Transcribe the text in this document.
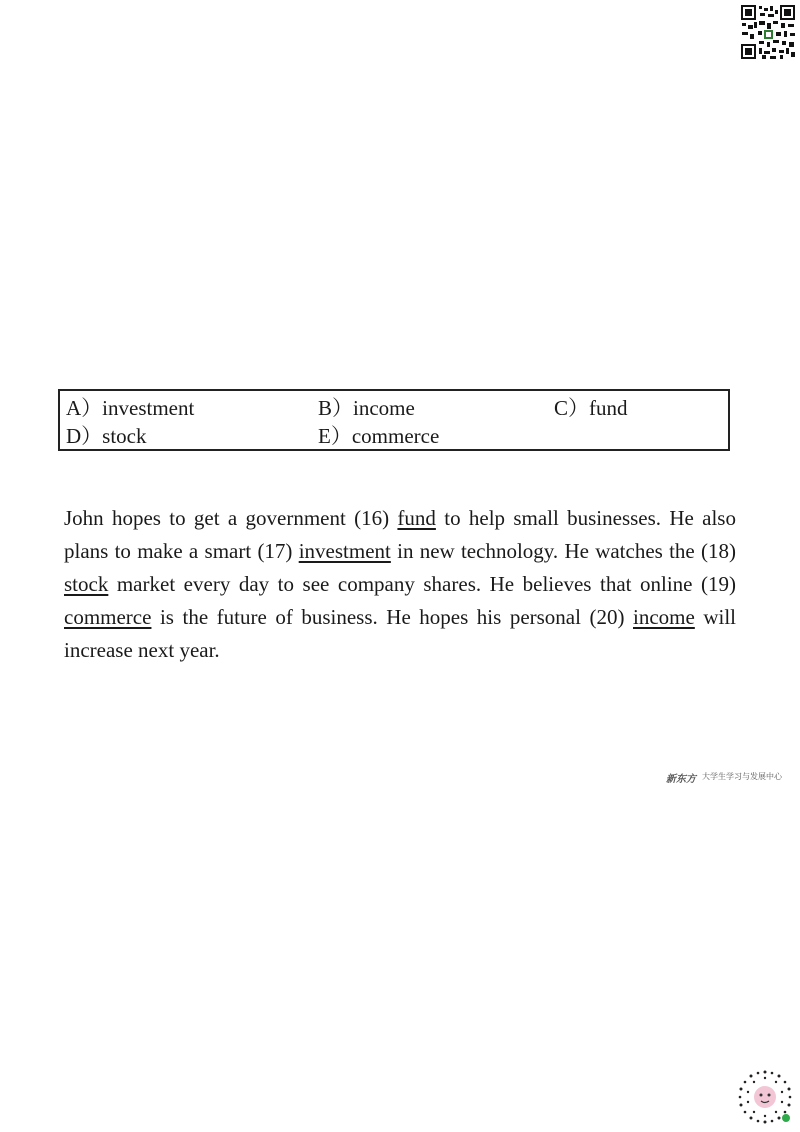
A）investment	B）income	C）fund
D）stock	E）commerce
John hopes to get a government (16) fund to help small businesses. He also plans to make a smart (17) investment in new technology. He watches the (18) stock market every day to see company shares. He believes that online (19) commerce is the future of business. He hopes his personal (20) income will increase next year.
新东方 大学生学习与发展中心
